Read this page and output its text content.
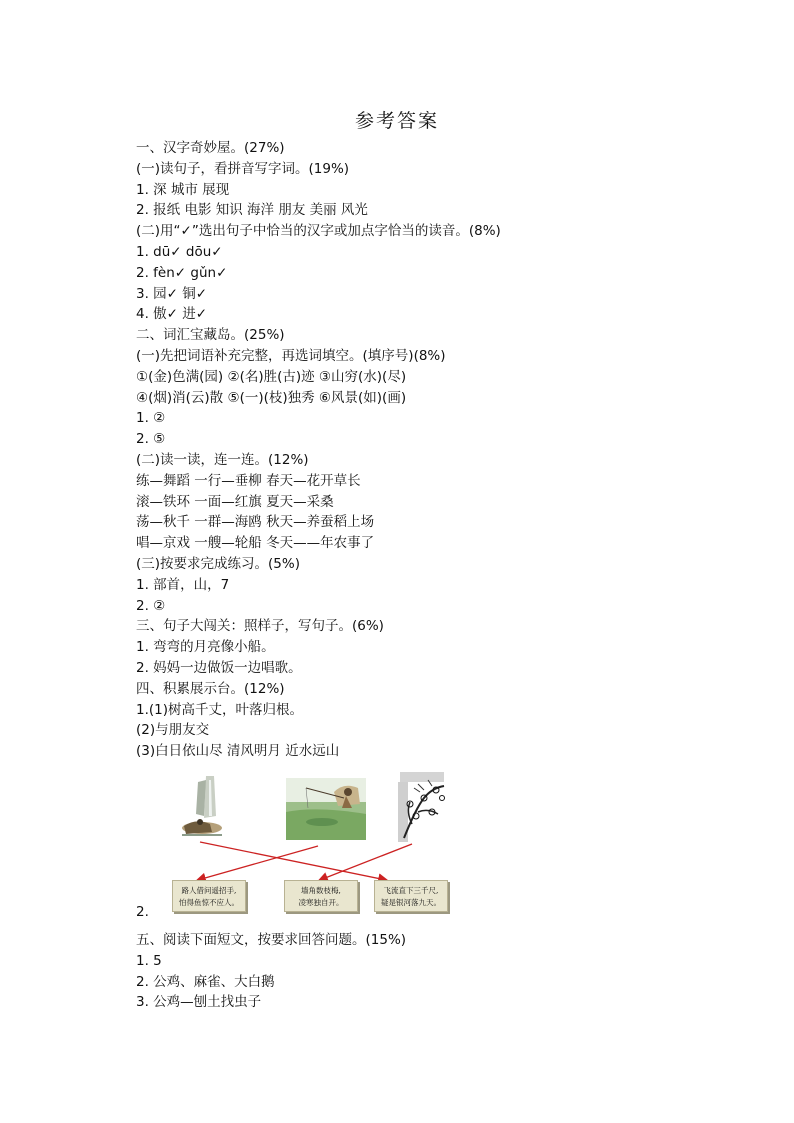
参考答案
一、汉字奇妙屋。(27%)
(一)读句子，看拼音写字词。(19%)
1. 深 城市 展现
2. 报纸 电影 知识 海洋 朋友 美丽 风光
(二)用“✓”选出句子中恰当的汉字或加点字恰当的读音。(8%)
1. dū✓ dōu✓
2. fèn✓ gǔn✓
3. 园✓ 铜✓
4. 傲✓ 进✓
二、词汇宝藏岛。(25%)
(一)先把词语补充完整，再选词填空。(填序号)(8%)
①(金)色满(园) ②(名)胜(古)迹 ③山穷(水)(尽)
④(烟)消(云)散 ⑤(一)(枝)独秀 ⑥风景(如)(画)
1. ②
2. ⑤
(二)读一读，连一连。(12%)
练—舞蹈 一行—垂柳 春天—花开草长
滚—铁环 一面—红旗 夏天—采桑
荡—秋千 一群—海鸥 秋天—养蚕稻上场
唱—京戏 一艘—轮船 冬天——年农事了
(三)按要求完成练习。(5%)
1. 部首，山，7
2. ②
三、句子大闯关：照样子，写句子。(6%)
1. 弯弯的月亮像小船。
2. 妈妈一边做饭一边唱歌。
四、积累展示台。(12%)
1.(1)树高千丈，叶落归根。
(2)与朋友交
(3)白日依山尽 清风明月 近水远山
2.
路人借问遥招手,
怕得鱼惊不应人。
墙角数枝梅,
凌寒独自开。
飞流直下三千尺,
疑是银河落九天。
五、阅读下面短文，按要求回答问题。(15%)
1. 5
2. 公鸡、麻雀、大白鹅
3. 公鸡—刨土找虫子
